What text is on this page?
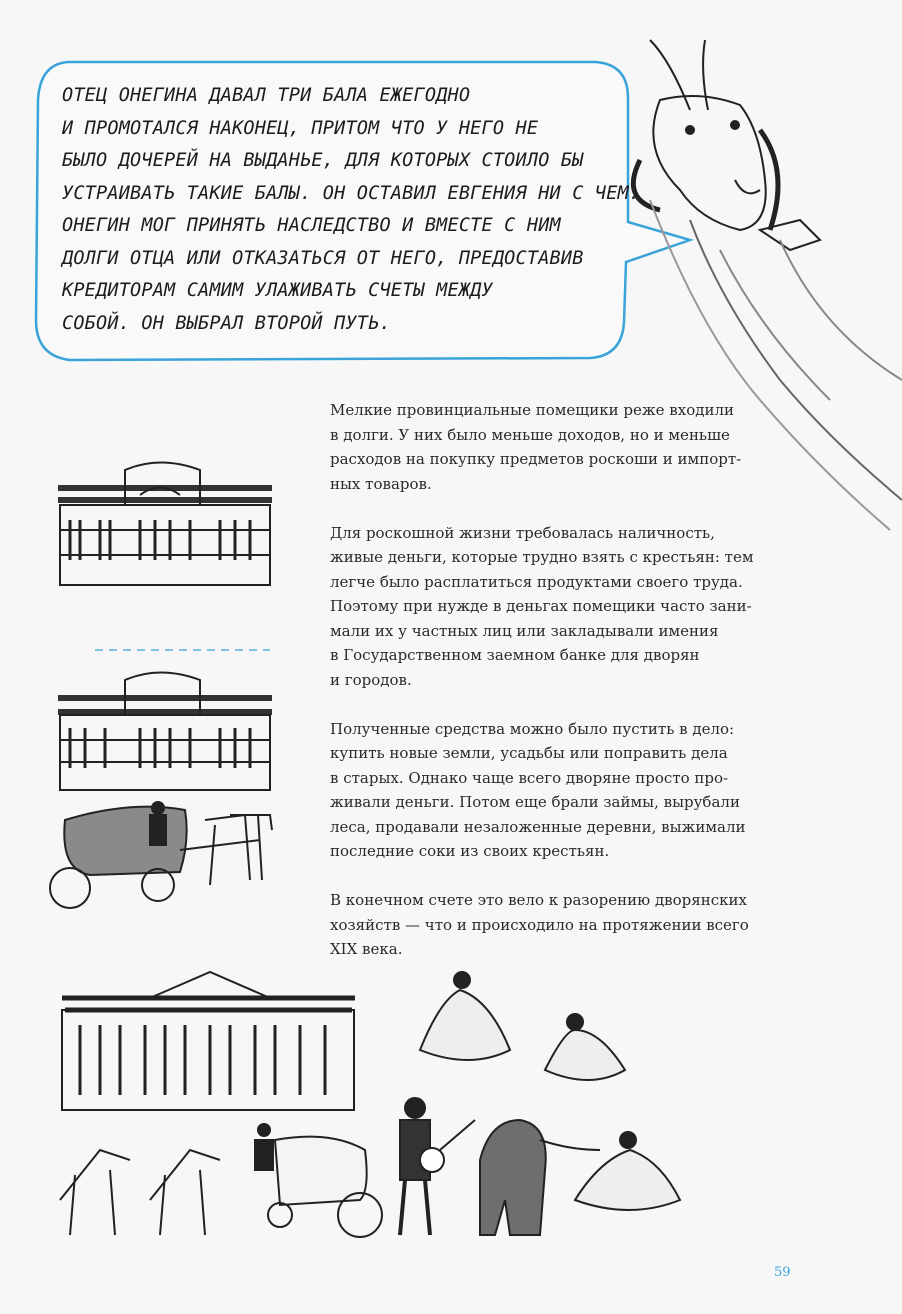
ОТЕЦ ОНЕГИНА ДАВАЛ ТРИ БАЛА ЕЖЕГОДНО
И ПРОМОТАЛСЯ НАКОНЕЦ, ПРИТОМ ЧТО У НЕГО НЕ
БЫЛО ДОЧЕРЕЙ НА ВЫДАНЬЕ, ДЛЯ КОТОРЫХ СТОИЛО БЫ
УСТРАИВАТЬ ТАКИЕ БАЛЫ. ОН ОСТАВИЛ ЕВГЕНИЯ НИ С ЧЕМ.
ОНЕГИН МОГ ПРИНЯТЬ НАСЛЕДСТВО И ВМЕСТЕ С НИМ
ДОЛГИ ОТЦА ИЛИ ОТКАЗАТЬСЯ ОТ НЕГО, ПРЕДОСТАВИВ
КРЕДИТОРАМ САМИМ УЛАЖИВАТЬ СЧЕТЫ МЕЖДУ
СОБОЙ. ОН ВЫБРАЛ ВТОРОЙ ПУТЬ.

Мелкие провинциальные помещики реже входили
в долги. У них было меньше доходов, но и меньше
расходов на покупку предметов роскоши и импорт-
ных товаров.

Для роскошной жизни требовалась наличность,
живые деньги, которые трудно взять с крестьян: тем
легче было расплатиться продуктами своего труда.
Поэтому при нужде в деньгах помещики часто зани-
мали их у частных лиц или закладывали имения
в Государственном заемном банке для дворян
и городов.

Полученные средства можно было пустить в дело:
купить новые земли, усадьбы или поправить дела
в старых. Однако чаще всего дворяне просто про-
живали деньги. Потом еще брали займы, вырубали
леса, продавали незаложенные деревни, выжимали
последние соки из своих крестьян.

В конечном счете это вело к разорению дворянских
хозяйств — что и происходило на протяжении всего
XIX века.

59
